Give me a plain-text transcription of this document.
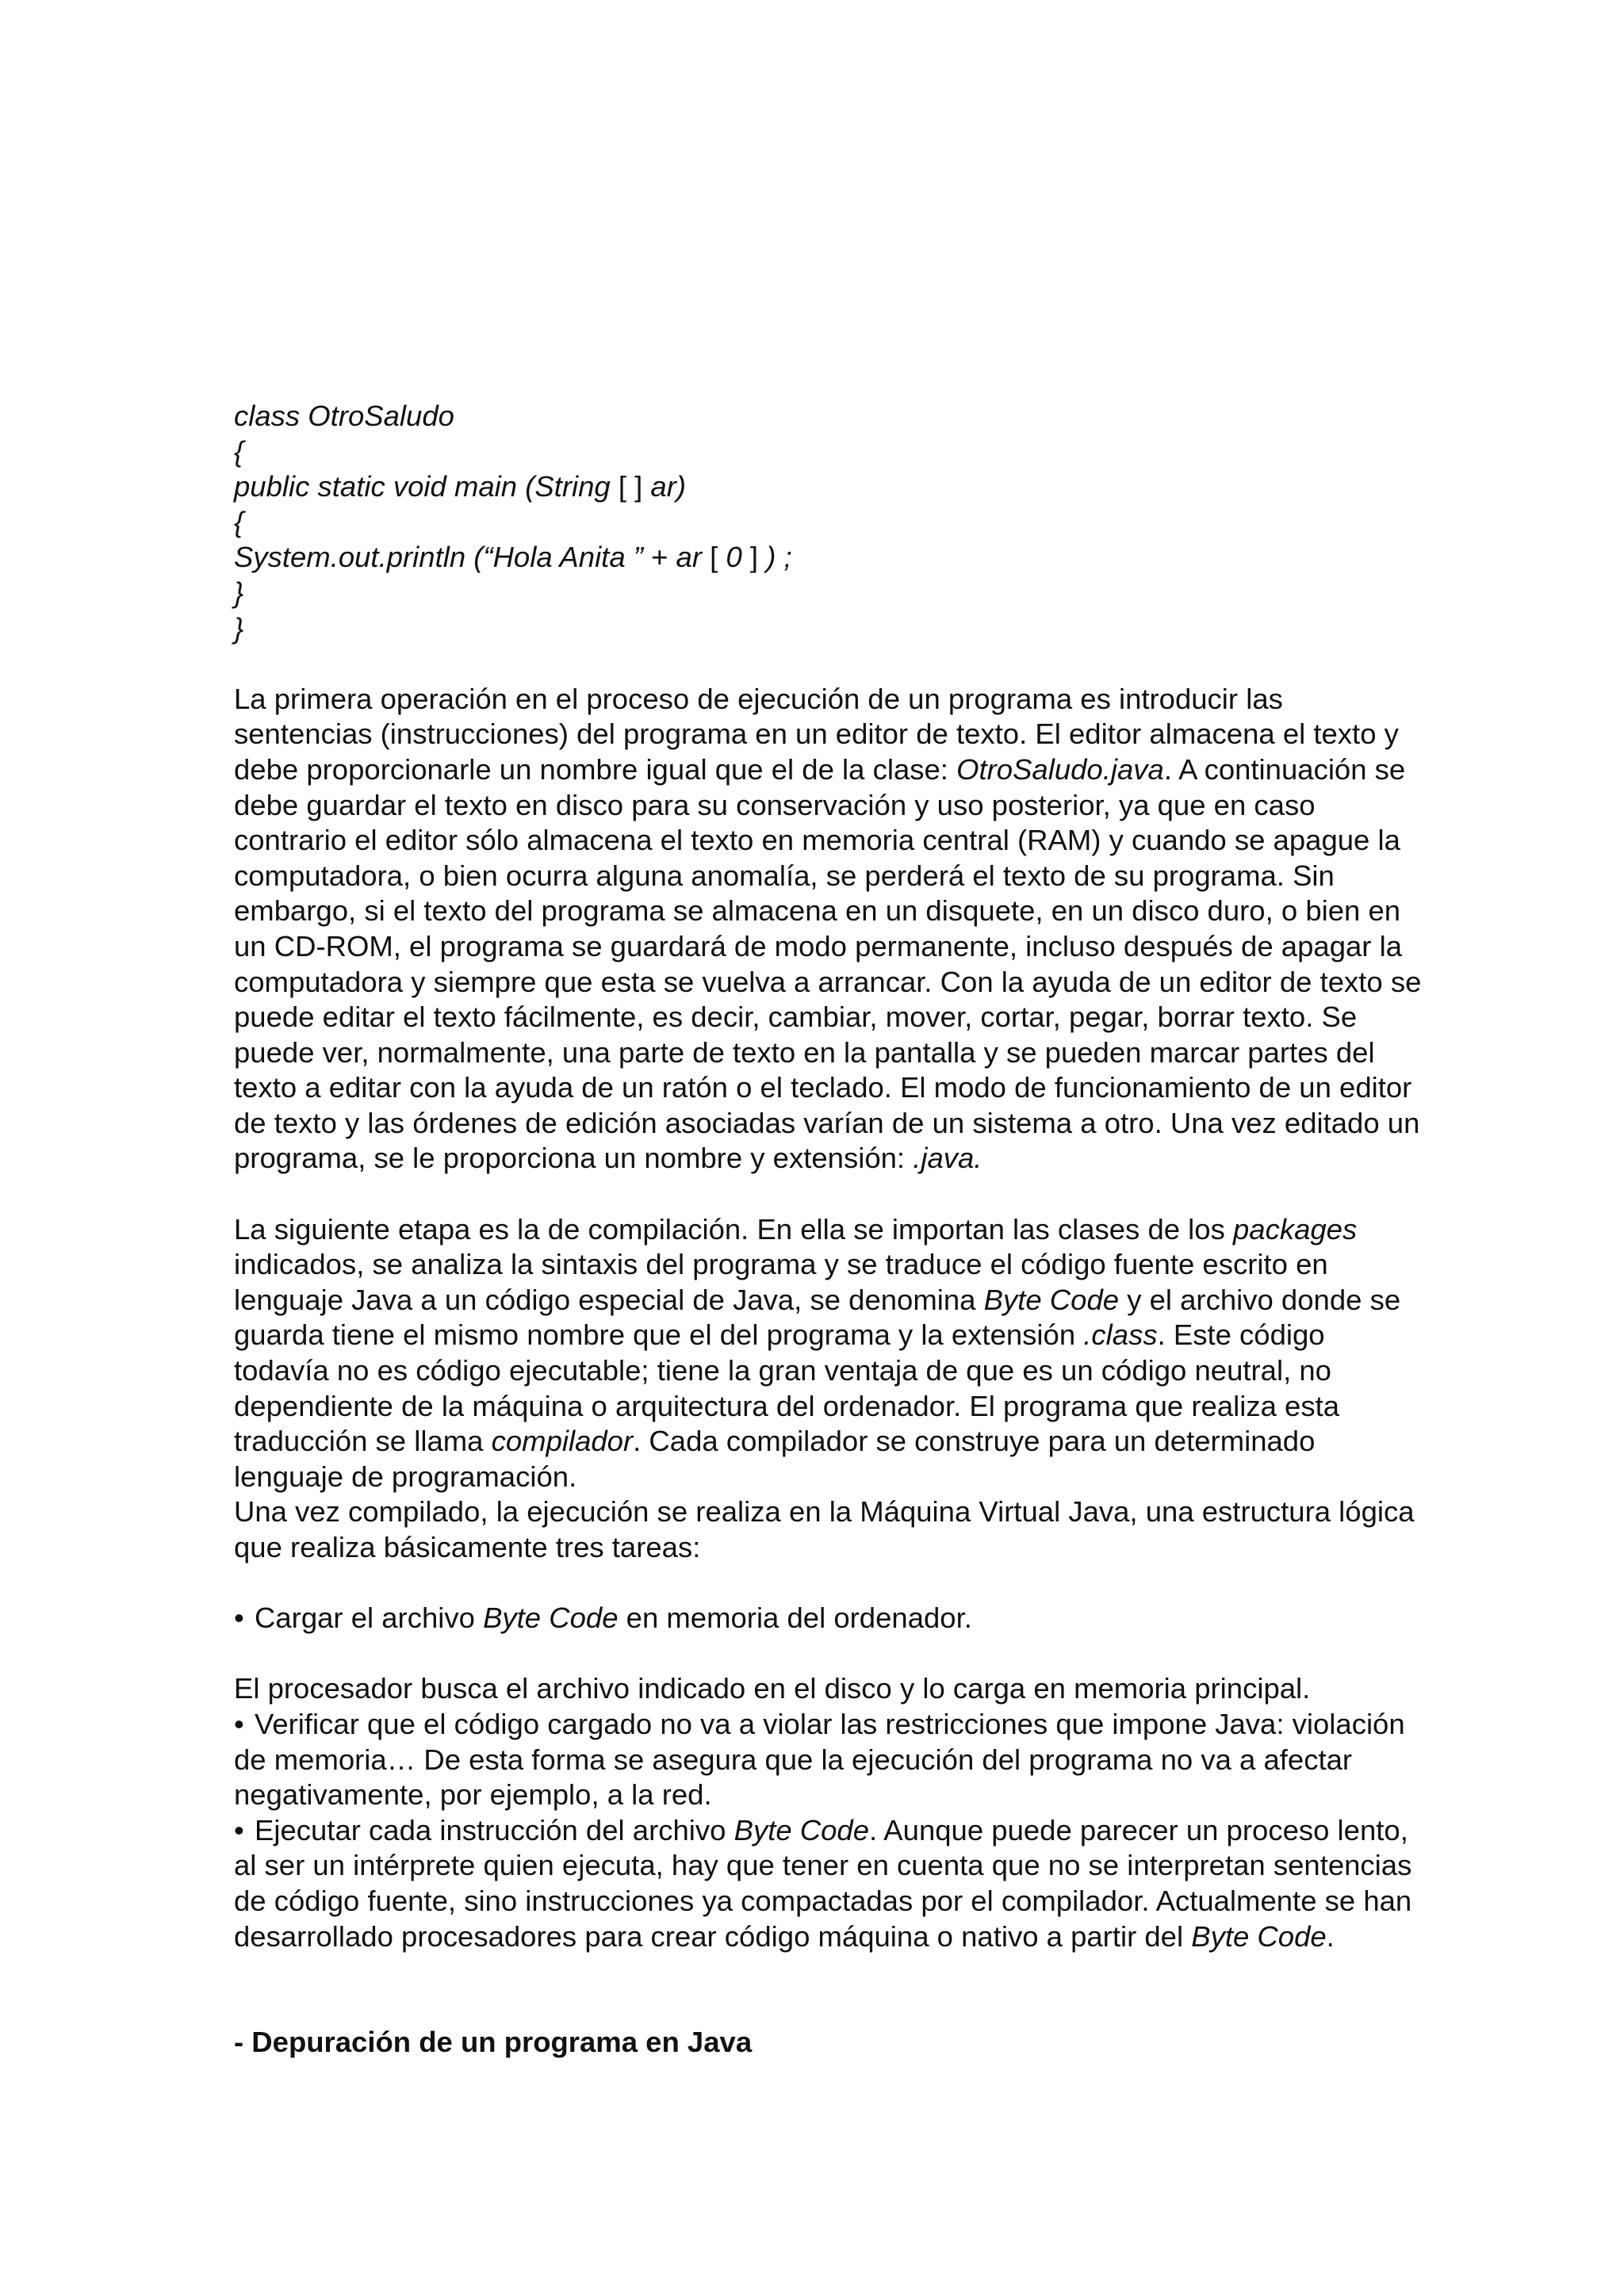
class OtroSaludo

{

public static void main (String [ ] ar)

{

System.out.println (“Hola Anita ” + ar [ 0 ] ) ;

}

}

La primera operación en el proceso de ejecución de un programa es introducir las sentencias (instrucciones) del programa en un editor de texto. El editor almacena el texto y debe proporcionarle un nombre igual que el de la clase: OtroSaludo.java. A continuación se debe guardar el texto en disco para su conservación y uso posterior, ya que en caso contrario el editor sólo almacena el texto en memoria central (RAM) y cuando se apague la computadora, o bien ocurra alguna anomalía, se perderá el texto de su programa. Sin embargo, si el texto del programa se almacena en un disquete, en un disco duro, o bien en un CD-ROM, el programa se guardará de modo permanente, incluso después de apagar la computadora y siempre que esta se vuelva a arrancar. Con la ayuda de un editor de texto se puede editar el texto fácilmente, es decir, cambiar, mover, cortar, pegar, borrar texto. Se puede ver, normalmente, una parte de texto en la pantalla y se pueden marcar partes del texto a editar con la ayuda de un ratón o el teclado. El modo de funcionamiento de un editor de texto y las órdenes de edición asociadas varían de un sistema a otro. Una vez editado un programa, se le proporciona un nombre y extensión: .java.

La siguiente etapa es la de compilación. En ella se importan las clases de los packages indicados, se analiza la sintaxis del programa y se traduce el código fuente escrito en lenguaje Java a un código especial de Java, se denomina Byte Code y el archivo donde se guarda tiene el mismo nombre que el del programa y la extensión .class. Este código todavía no es código ejecutable; tiene la gran ventaja de que es un código neutral, no dependiente de la máquina o arquitectura del ordenador. El programa que realiza esta traducción se llama compilador. Cada compilador se construye para un determinado lenguaje de programación.

Una vez compilado, la ejecución se realiza en la Máquina Virtual Java, una estructura lógica que realiza básicamente tres tareas:

• Cargar el archivo Byte Code en memoria del ordenador.

El procesador busca el archivo indicado en el disco y lo carga en memoria principal.

• Verificar que el código cargado no va a violar las restricciones que impone Java: violación de memoria… De esta forma se asegura que la ejecución del programa no va a afectar negativamente, por ejemplo, a la red.

• Ejecutar cada instrucción del archivo Byte Code. Aunque puede parecer un proceso lento, al ser un intérprete quien ejecuta, hay que tener en cuenta que no se interpretan sentencias de código fuente, sino instrucciones ya compactadas por el compilador. Actualmente se han desarrollado procesadores para crear código máquina o nativo a partir del Byte Code.

- Depuración de un programa en Java
